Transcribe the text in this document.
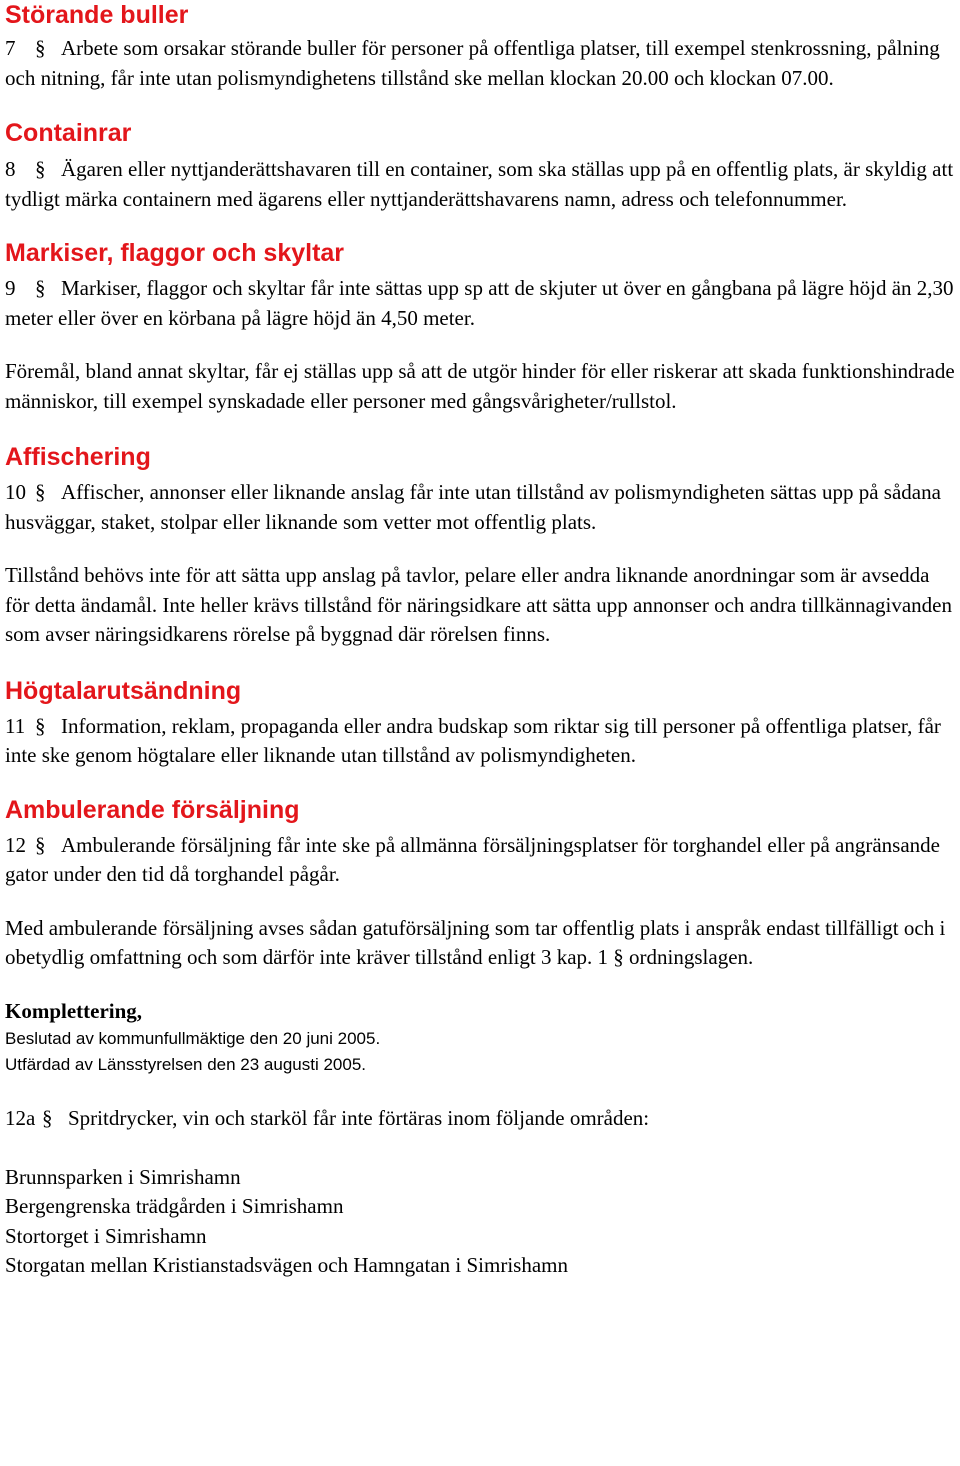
Störande buller

7 § Arbete som orsakar störande buller för personer på offentliga platser, till exempel stenkrossning, pålning och nitning, får inte utan polismyndighetens tillstånd ske mellan klockan 20.00 och klockan 07.00.

Containrar

8 § Ägaren eller nyttjanderättshavaren till en container, som ska ställas upp på en offentlig plats, är skyldig att tydligt märka containern med ägarens eller nyttjanderättshavarens namn, adress och telefonnummer.

Markiser, flaggor och skyltar

9 § Markiser, flaggor och skyltar får inte sättas upp sp att de skjuter ut över en gångbana på lägre höjd än 2,30 meter eller över en körbana på lägre höjd än 4,50 meter.

Föremål, bland annat skyltar, får ej ställas upp så att de utgör hinder för eller riskerar att skada funktionshindrade människor, till exempel synskadade eller personer med gångsvårigheter/rullstol.

Affischering

10 § Affischer, annonser eller liknande anslag får inte utan tillstånd av polismyndigheten sättas upp på sådana husväggar, staket, stolpar eller liknande som vetter mot offentlig plats.

Tillstånd behövs inte för att sätta upp anslag på tavlor, pelare eller andra liknande anordningar som är avsedda för detta ändamål. Inte heller krävs tillstånd för näringsidkare att sätta upp annonser och andra tillkännagivanden som avser näringsidkarens rörelse på byggnad där rörelsen finns.

Högtalarutsändning

11 § Information, reklam, propaganda eller andra budskap som riktar sig till personer på offentliga platser, får inte ske genom högtalare eller liknande utan tillstånd av polismyndigheten.

Ambulerande försäljning

12 § Ambulerande försäljning får inte ske på allmänna försäljningsplatser för torghandel eller på angränsande gator under den tid då torghandel pågår.

Med ambulerande försäljning avses sådan gatuförsäljning som tar offentlig plats i anspråk endast tillfälligt och i obetydlig omfattning och som därför inte kräver tillstånd enligt 3 kap. 1 § ordningslagen.

Komplettering,

Beslutad av kommunfullmäktige den 20 juni 2005.

Utfärdad av Länsstyrelsen den 23 augusti 2005.

12a § Spritdrycker, vin och starköl får inte förtäras inom följande områden:

Brunnsparken i Simrishamn

Bergengrenska trädgården i Simrishamn

Stortorget i Simrishamn

Storgatan mellan Kristianstadsvägen och Hamngatan i Simrishamn
